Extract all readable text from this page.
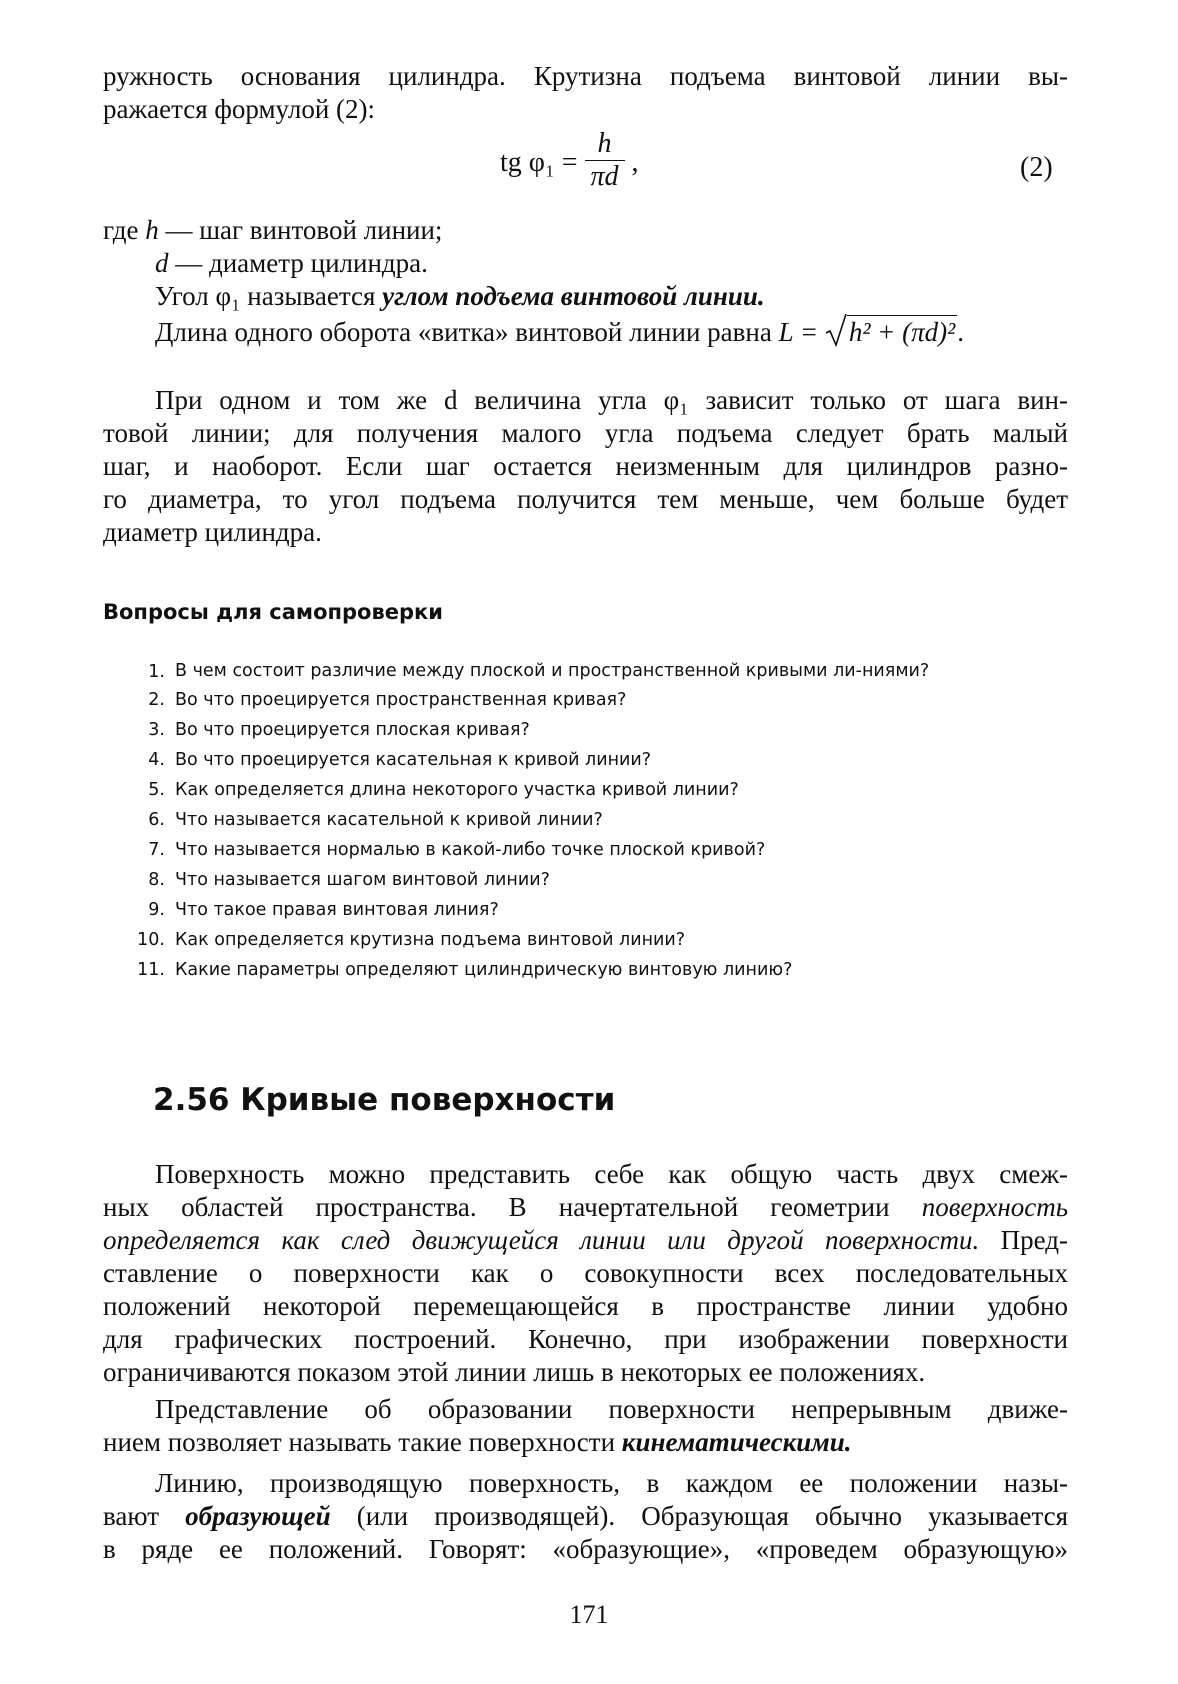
ружность основания цилиндра. Крутизна подъема винтовой линии вы-
ражается формулой (2):
tg $\varphi_1 = \frac{h}{\pi d}$ ,	(2)
где h — шаг винтовой линии;
d — диаметр цилиндра.
Угол φ₁ называется углом подъема винтовой линии.
Длина одного оборота «витка» винтовой линии равна L = h² + (πd)².
При одном и том же d величина угла φ₁ зависит только от шага вин-
товой линии; для получения малого угла подъема следует брать малый
шаг, и наоборот. Если шаг остается неизменным для цилиндров разно-
го диаметра, то угол подъема получится тем меньше, чем больше будет
диаметр цилиндра.
Вопросы для самопроверки
1. В чем состоит различие между плоской и пространственной кривыми ли-ниями?
2. Во что проецируется пространственная кривая?
3. Во что проецируется плоская кривая?
4. Во что проецируется касательная к кривой линии?
5. Как определяется длина некоторого участка кривой линии?
6. Что называется касательной к кривой линии?
7. Что называется нормалью в какой-либо точке плоской кривой?
8. Что называется шагом винтовой линии?
9. Что такое правая винтовая линия?
10. Как определяется крутизна подъема винтовой линии?
11. Какие параметры определяют цилиндрическую винтовую линию?
2.56 Кривые поверхности
Поверхность можно представить себе как общую часть двух смеж-
ных областей пространства. В начертательной геометрии поверхность
определяется как след движущейся линии или другой поверхности. Пред-
ставление о поверхности как о совокупности всех последовательных
положений некоторой перемещающейся в пространстве линии удобно
для графических построений. Конечно, при изображении поверхности
ограничиваются показом этой линии лишь в некоторых ее положениях.
Представление об образовании поверхности непрерывным движе-
нием позволяет называть такие поверхности кинематическими.
Линию, производящую поверхность, в каждом ее положении назы-
вают образующей (или производящей). Образующая обычно указывается
в ряде ее положений. Говорят: «образующие», «проведем образующую»
171
